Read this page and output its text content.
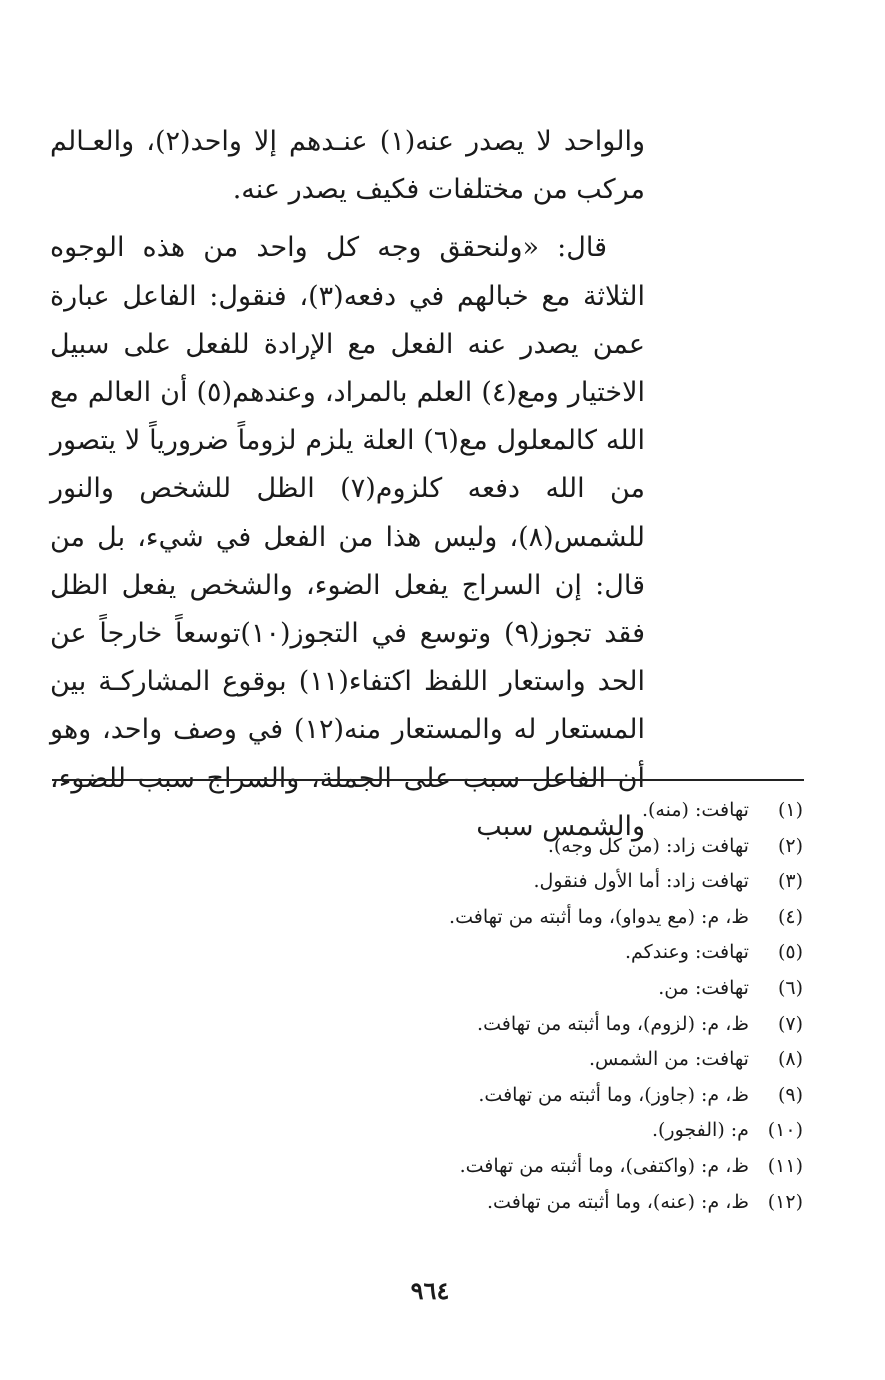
والواحد لا يصدر عنه(١) عنـدهم إلا واحد(٢)، والعـالم مركب من مختلفات فكيف يصدر عنه.

قال: «ولنحقق وجه كل واحد من هذه الوجوه الثلاثة مع خبالهم في دفعه(٣)، فنقول: الفاعل عبارة عمن يصدر عنه الفعل مع الإرادة للفعل على سبيل الاختيار ومع(٤) العلم بالمراد، وعندهم(٥) أن العالم مع الله كالمعلول مع(٦) العلة يلزم لزوماً ضرورياً لا يتصور من الله دفعه كلزوم(٧) الظل للشخص والنور للشمس(٨)، وليس هذا من الفعل في شيء، بل من قال: إن السراج يفعل الضوء، والشخص يفعل الظل فقد تجوز(٩) وتوسع في التجوز(١٠)توسعاً خارجاً عن الحد واستعار اللفظ اكتفاء(١١) بوقوع المشاركـة بين المستعار له والمستعار منه(١٢) في وصف واحد، وهو أن الفاعل سبب على الجملة، والسراج سبب للضوء، والشمس سبب

(١) تهافت: (منه).
(٢) تهافت زاد: (من كل وجه).
(٣) تهافت زاد: أما الأول فنقول.
(٤) ظ، م: (مع يدواو)، وما أثبته من تهافت.
(٥) تهافت: وعندكم.
(٦) تهافت: من.
(٧) ظ، م: (لزوم)، وما أثبته من تهافت.
(٨) تهافت: من الشمس.
(٩) ظ، م: (جاوز)، وما أثبته من تهافت.
(١٠) م: (الفجور).
(١١) ظ، م: (واكتفى)، وما أثبته من تهافت.
(١٢) ظ، م: (عنه)، وما أثبته من تهافت.
٩٦٤
